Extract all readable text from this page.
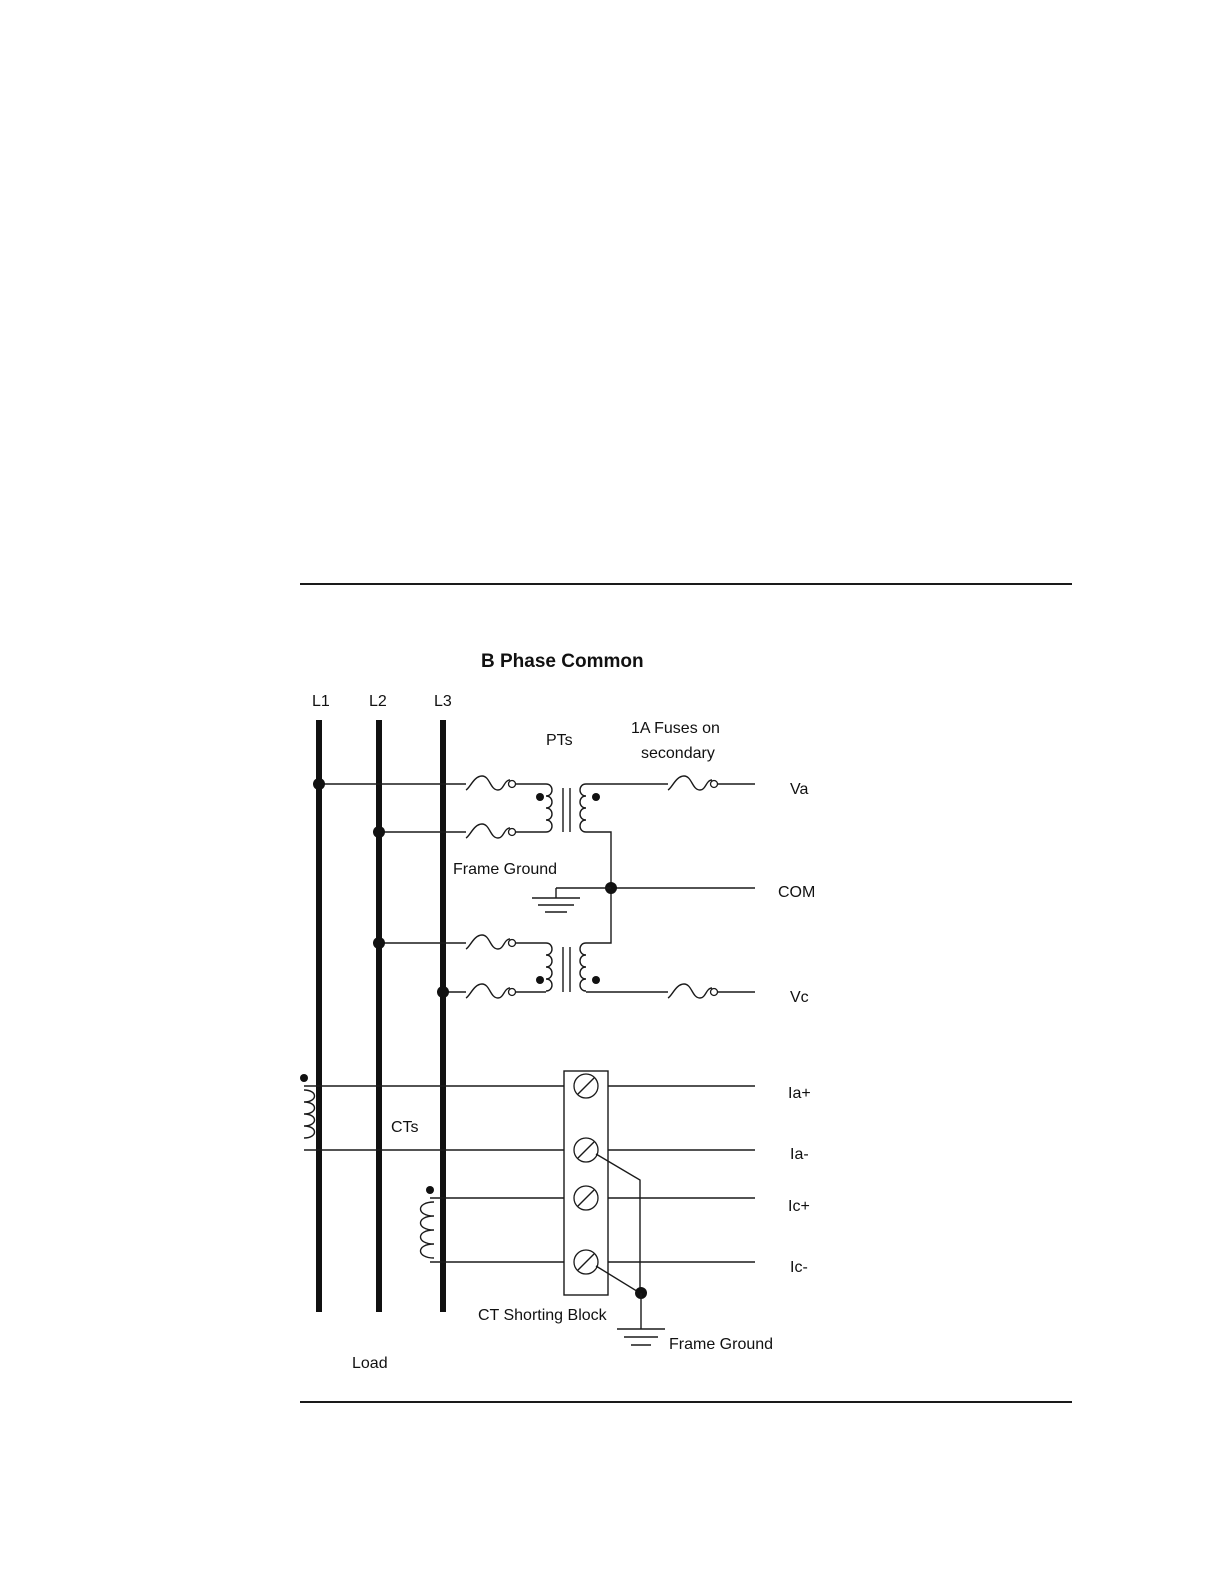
B Phase Common
L1 L2	L3
PTs
1A Fuses on
secondary
Frame Ground
Va
COM
Vc
CTs
Ia+
Ia-
Ic+
Ic-
CT Shorting Block
Frame Ground
Load
